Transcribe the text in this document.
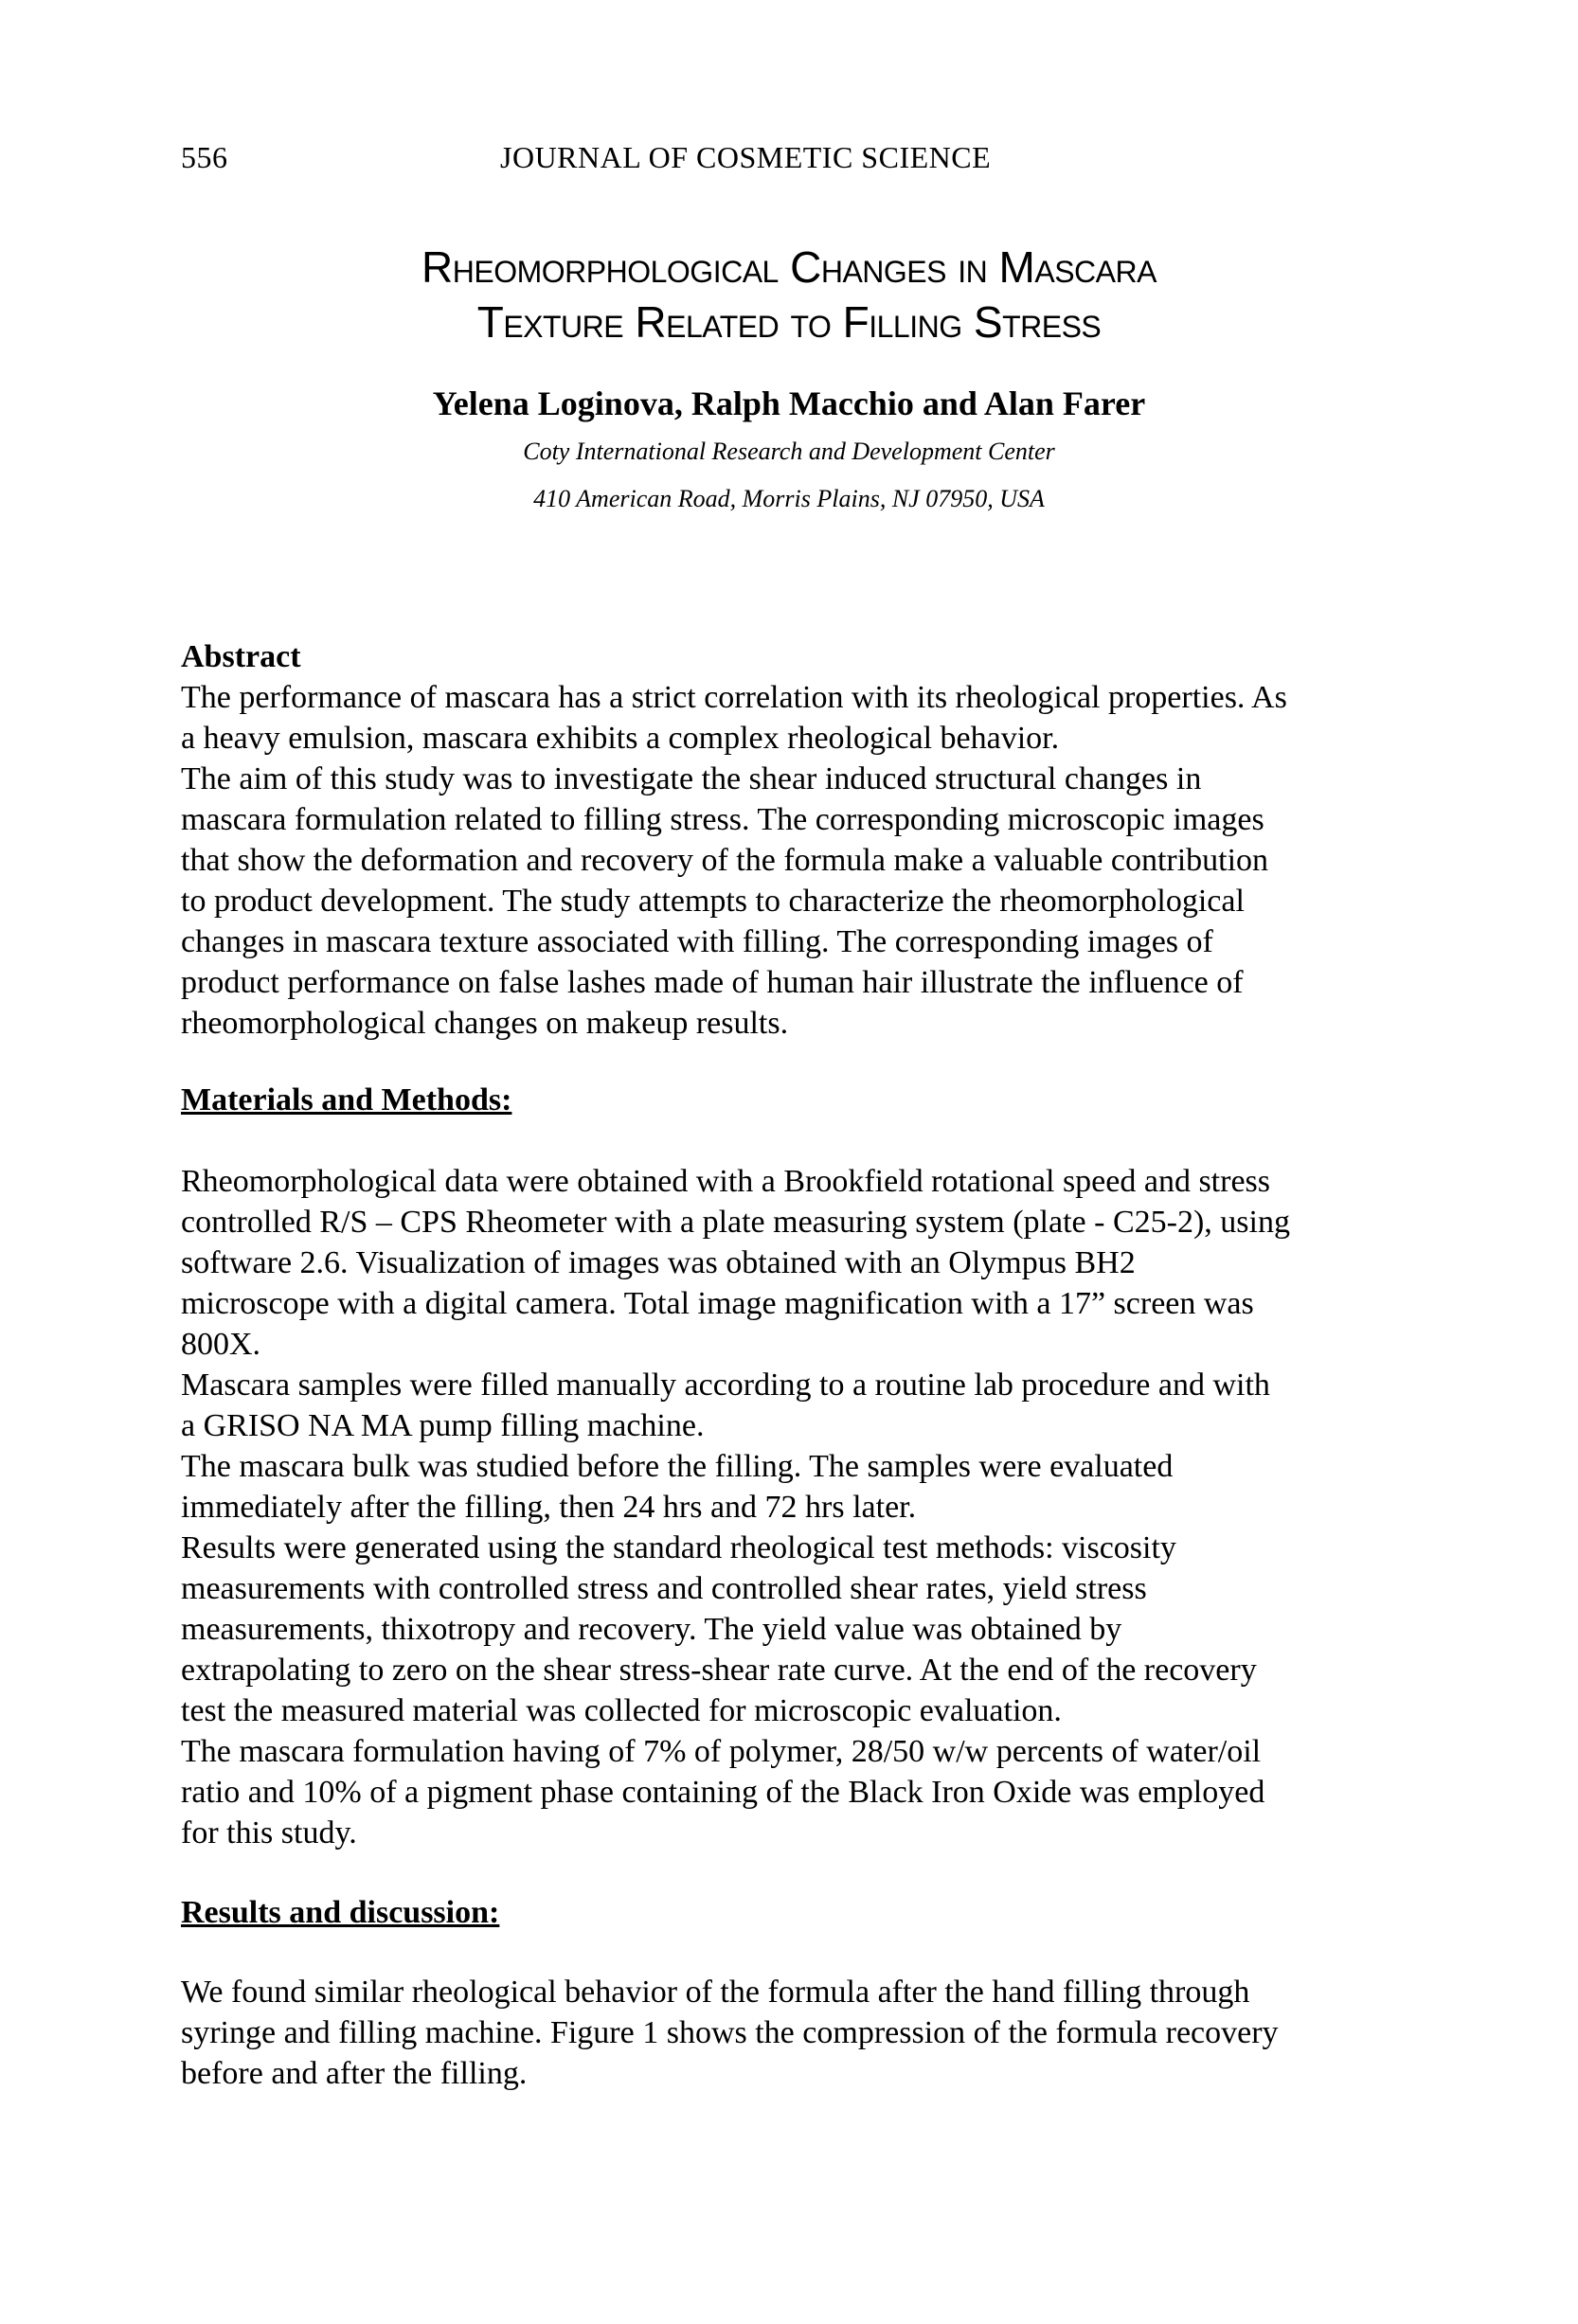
556	JOURNAL OF COSMETIC SCIENCE
Rheomorphological Changes in Mascara
Texture Related to Filling Stress
Yelena Loginova, Ralph Macchio and Alan Farer
Coty International Research and Development Center
410 American Road, Morris Plains, NJ 07950, USA
Abstract
The performance of mascara has a strict correlation with its rheological properties. As
a heavy emulsion, mascara exhibits a complex rheological behavior.
The aim of this study was to investigate the shear induced structural changes in
mascara formulation related to filling stress. The corresponding microscopic images
that show the deformation and recovery of the formula make a valuable contribution
to product development. The study attempts to characterize the rheomorphological
changes in mascara texture associated with filling. The corresponding images of
product performance on false lashes made of human hair illustrate the influence of
rheomorphological changes on makeup results.
Materials and Methods:
Rheomorphological data were obtained with a Brookfield rotational speed and stress
controlled R/S – CPS Rheometer with a plate measuring system (plate - C25-2), using
software 2.6. Visualization of images was obtained with an Olympus BH2
microscope with a digital camera. Total image magnification with a 17” screen was
800X.
Mascara samples were filled manually according to a routine lab procedure and with
a GRISO NA MA pump filling machine.
The mascara bulk was studied before the filling. The samples were evaluated
immediately after the filling, then 24 hrs and 72 hrs later.
Results were generated using the standard rheological test methods: viscosity
measurements with controlled stress and controlled shear rates, yield stress
measurements, thixotropy and recovery. The yield value was obtained by
extrapolating to zero on the shear stress-shear rate curve. At the end of the recovery
test the measured material was collected for microscopic evaluation.
The mascara formulation having of 7% of polymer, 28/50 w/w percents of water/oil
ratio and 10% of a pigment phase containing of the Black Iron Oxide was employed
for this study.
Results and discussion:
We found similar rheological behavior of the formula after the hand filling through
syringe and filling machine. Figure 1 shows the compression of the formula recovery
before and after the filling.
